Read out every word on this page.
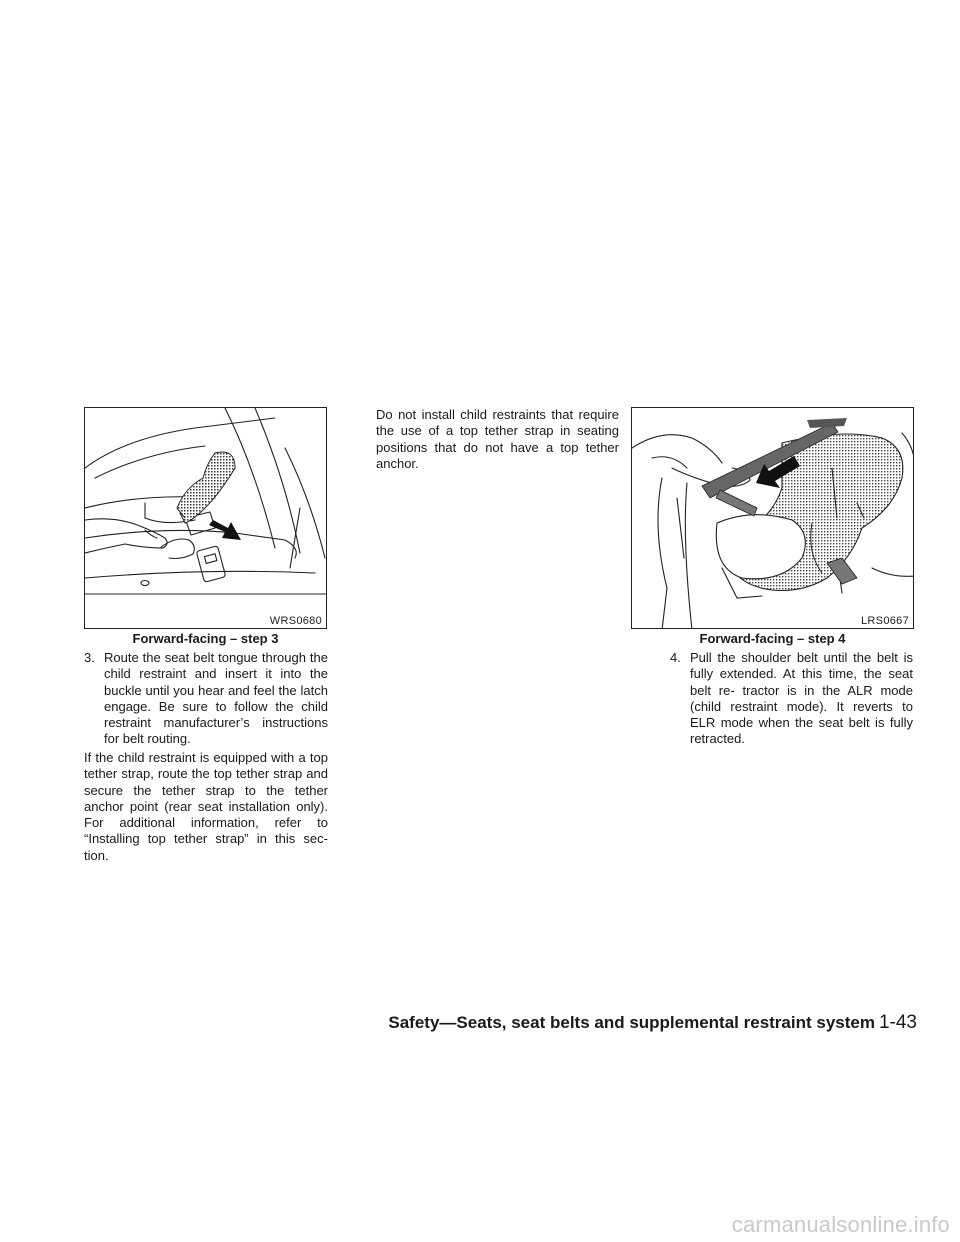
WRS0680
Forward-facing – step 3
3. Route the seat belt tongue through the child restraint and insert it into the buckle until you hear and feel the latch engage. Be sure to follow the child restraint manufacturer’s instructions for belt routing.

If the child restraint is equipped with a top tether strap, route the top tether strap and secure the tether strap to the tether anchor point (rear seat installation only). For additional information, refer to “Installing top tether strap” in this sec- tion.

Do not install child restraints that require the use of a top tether strap in seating positions that do not have a top tether anchor.

LRS0667
Forward-facing – step 4
4. Pull the shoulder belt until the belt is fully extended. At this time, the seat belt re- tractor is in the ALR mode (child restraint mode). It reverts to ELR mode when the seat belt is fully retracted.
Safety—Seats, seat belts and supplemental restraint system 1-43
carmanualsonline.info
